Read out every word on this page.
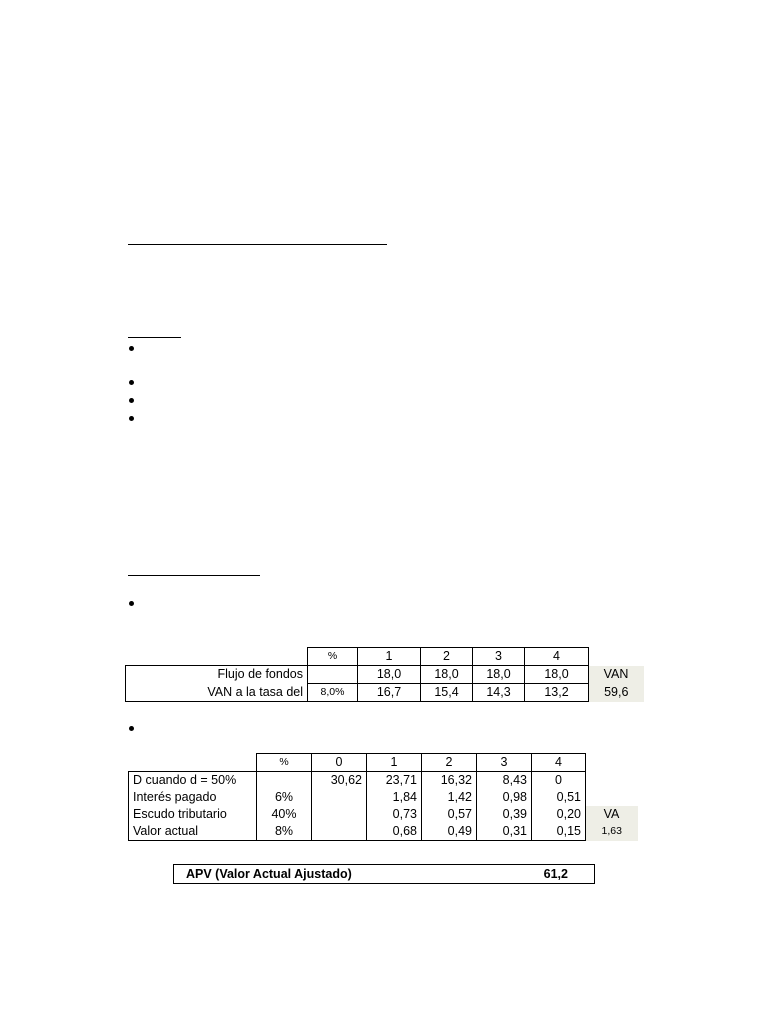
	%	1	2	3	4	
Flujo de fondos		18,0	18,0	18,0	18,0	VAN
VAN a la tasa del	8,0%	16,7	15,4	14,3	13,2	59,6
	%	0	1	2	3	4	
D cuando d = 50%		30,62	23,71	16,32	8,43	0	
Interés pagado	6%		1,84	1,42	0,98	0,51	
Escudo tributario	40%		0,73	0,57	0,39	0,20	VA
Valor actual	8%		0,68	0,49	0,31	0,15	1,63
APV (Valor Actual Ajustado)	61,2
